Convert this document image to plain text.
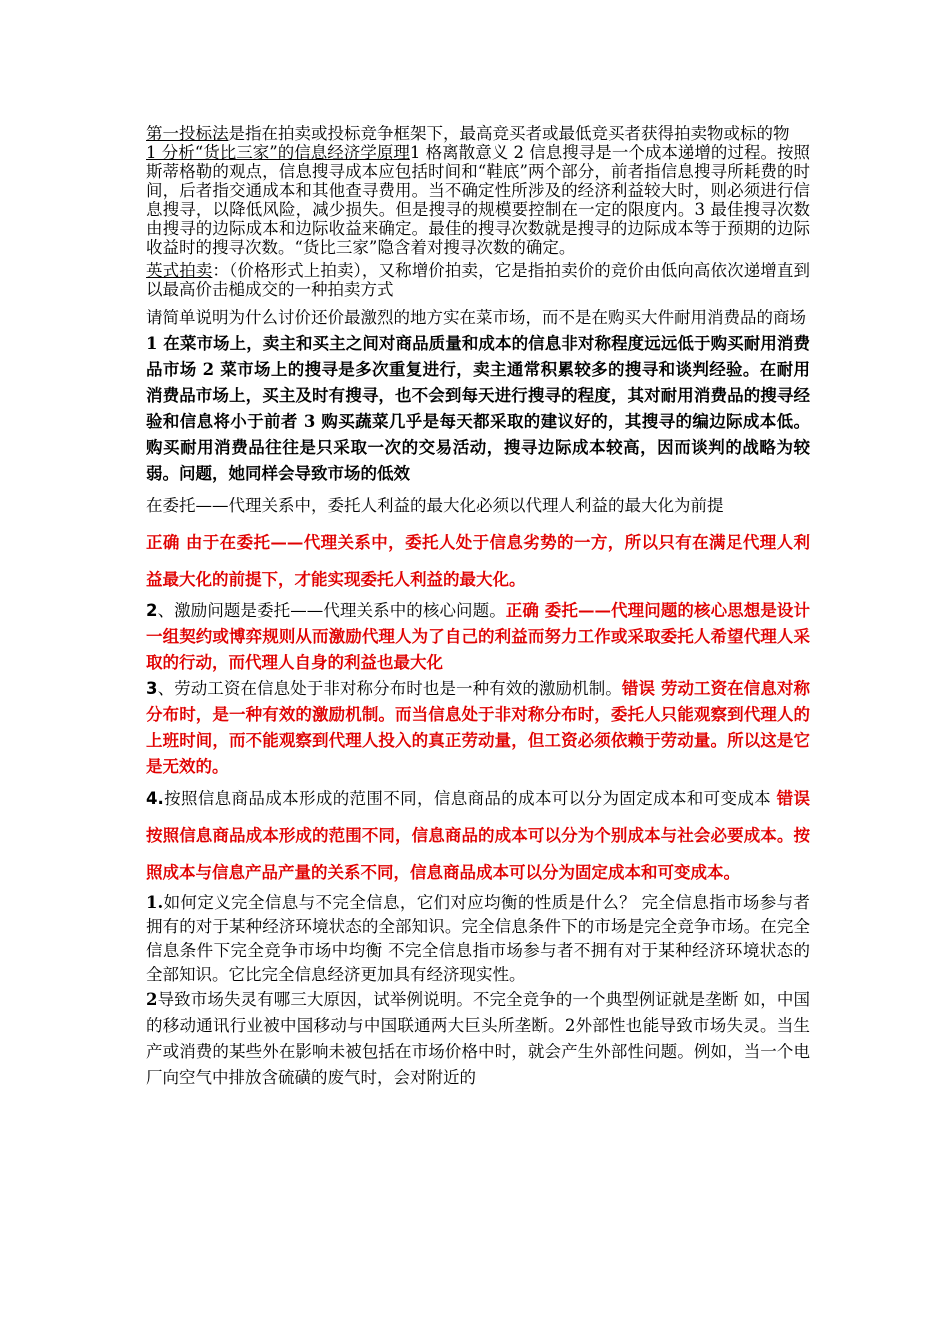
第一投标法是指在拍卖或投标竞争框架下，最高竞买者或最低竞买者获得拍卖物或标的物

1 分析“货比三家”的信息经济学原理1 格离散意义 2 信息搜寻是一个成本递增的过程。按照斯蒂格勒的观点，信息搜寻成本应包括时间和“鞋底”两个部分，前者指信息搜寻所耗费的时间，后者指交通成本和其他查寻费用。当不确定性所涉及的经济利益较大时，则必须进行信息搜寻，以降低风险，减少损失。但是搜寻的规模要控制在一定的限度内。3 最佳搜寻次数由搜寻的边际成本和边际收益来确定。最佳的搜寻次数就是搜寻的边际成本等于预期的边际收益时的搜寻次数。“货比三家”隐含着对搜寻次数的确定。

英式拍卖：（价格形式上拍卖），又称增价拍卖，它是指拍卖价的竞价由低向高依次递增直到以最高价击槌成交的一种拍卖方式

请简单说明为什么讨价还价最激烈的地方实在菜市场，而不是在购买大件耐用消费品的商场

1 在菜市场上，卖主和买主之间对商品质量和成本的信息非对称程度远远低于购买耐用消费品市场 2 菜市场上的搜寻是多次重复进行，卖主通常积累较多的搜寻和谈判经验。在耐用消费品市场上，买主及时有搜寻，也不会到每天进行搜寻的程度，其对耐用消费品的搜寻经验和信息将小于前者 3 购买蔬菜几乎是每天都采取的建议好的，其搜寻的编边际成本低。购买耐用消费品往往是只采取一次的交易活动，搜寻边际成本较高，因而谈判的战略为较弱。问题，她同样会导致市场的低效

在委托——代理关系中，委托人利益的最大化必须以代理人利益的最大化为前提
正确 由于在委托——代理关系中，委托人处于信息劣势的一方，所以只有在满足代理人利益最大化的前提下，才能实现委托人利益的最大化。

2、激励问题是委托——代理关系中的核心问题。正确 委托——代理问题的核心思想是设计一组契约或博弈规则从而激励代理人为了自己的利益而努力工作或采取委托人希望代理人采取的行动，而代理人自身的利益也最大化

3、劳动工资在信息处于非对称分布时也是一种有效的激励机制。错误 劳动工资在信息对称分布时，是一种有效的激励机制。而当信息处于非对称分布时，委托人只能观察到代理人的上班时间，而不能观察到代理人投入的真正劳动量，但工资必须依赖于劳动量。所以这是它是无效的。

4.按照信息商品成本形成的范围不同，信息商品的成本可以分为固定成本和可变成本 错误 按照信息商品成本形成的范围不同，信息商品的成本可以分为个别成本与社会必要成本。按照成本与信息产品产量的关系不同，信息商品成本可以分为固定成本和可变成本。

1.如何定义完全信息与不完全信息，它们对应均衡的性质是什么？ 完全信息指市场参与者拥有的对于某种经济环境状态的全部知识。完全信息条件下的市场是完全竞争市场。在完全信息条件下完全竞争市场中均衡 不完全信息指市场参与者不拥有对于某种经济环境状态的全部知识。它比完全信息经济更加具有经济现实性。

2导致市场失灵有哪三大原因，试举例说明。不完全竞争的一个典型例证就是垄断 如，中国的移动通讯行业被中国移动与中国联通两大巨头所垄断。2外部性也能导致市场失灵。当生产或消费的某些外在影响未被包括在市场价格中时，就会产生外部性问题。例如，当一个电厂向空气中排放含硫磺的废气时，会对附近的
